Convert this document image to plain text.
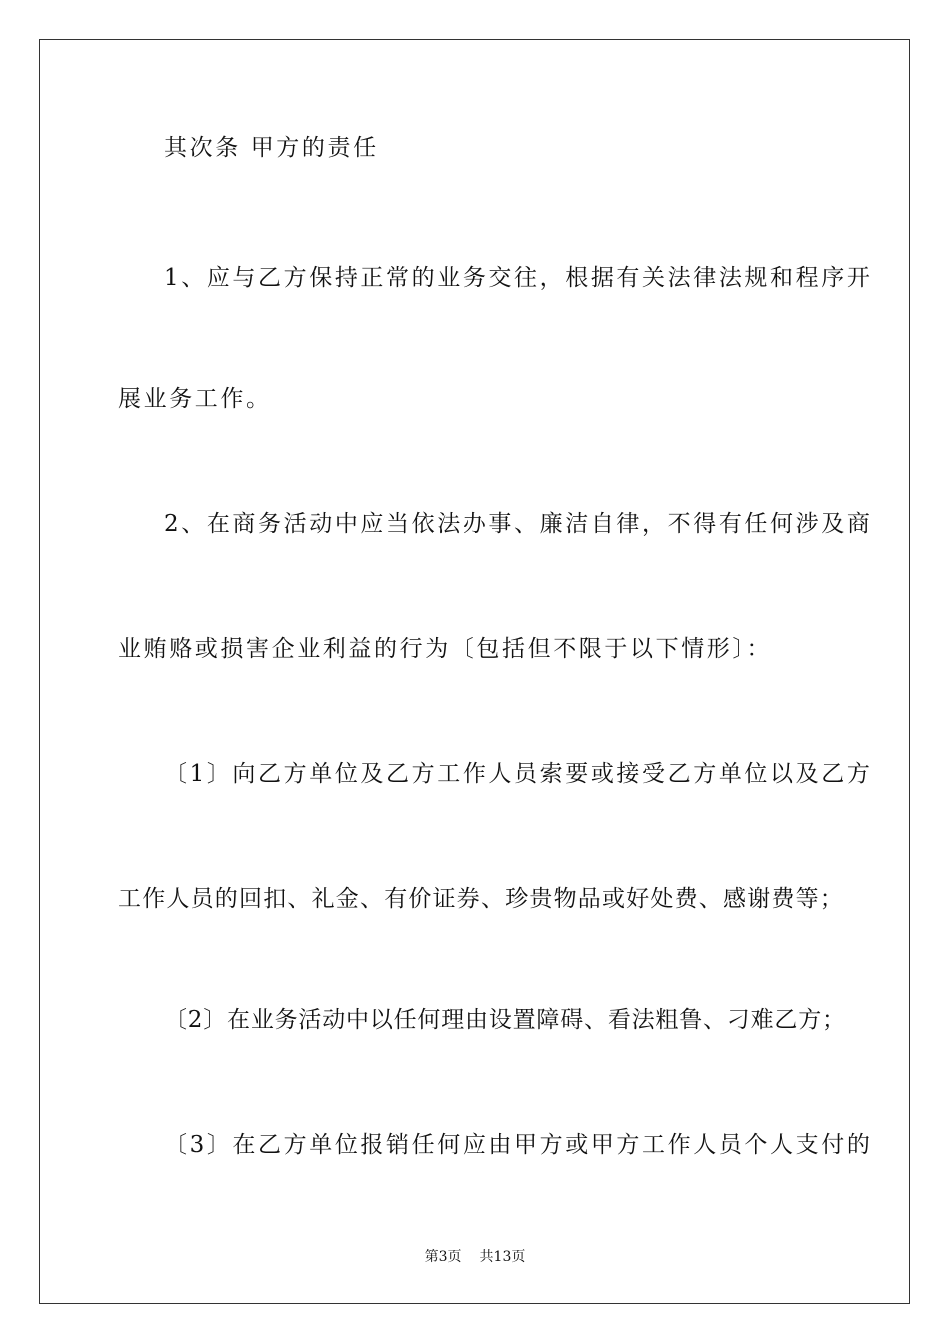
其次条 甲方的责任
1、应与乙方保持正常的业务交往，根据有关法律法规和程序开
展业务工作。
2、在商务活动中应当依法办事、廉洁自律，不得有任何涉及商
业贿赂或损害企业利益的行为〔包括但不限于以下情形〕：
〔1〕向乙方单位及乙方工作人员索要或接受乙方单位以及乙方
工作人员的回扣、礼金、有价证券、珍贵物品或好处费、感谢费等；
〔2〕在业务活动中以任何理由设置障碍、看法粗鲁、刁难乙方；
〔3〕在乙方单位报销任何应由甲方或甲方工作人员个人支付的
第3页 共13页
